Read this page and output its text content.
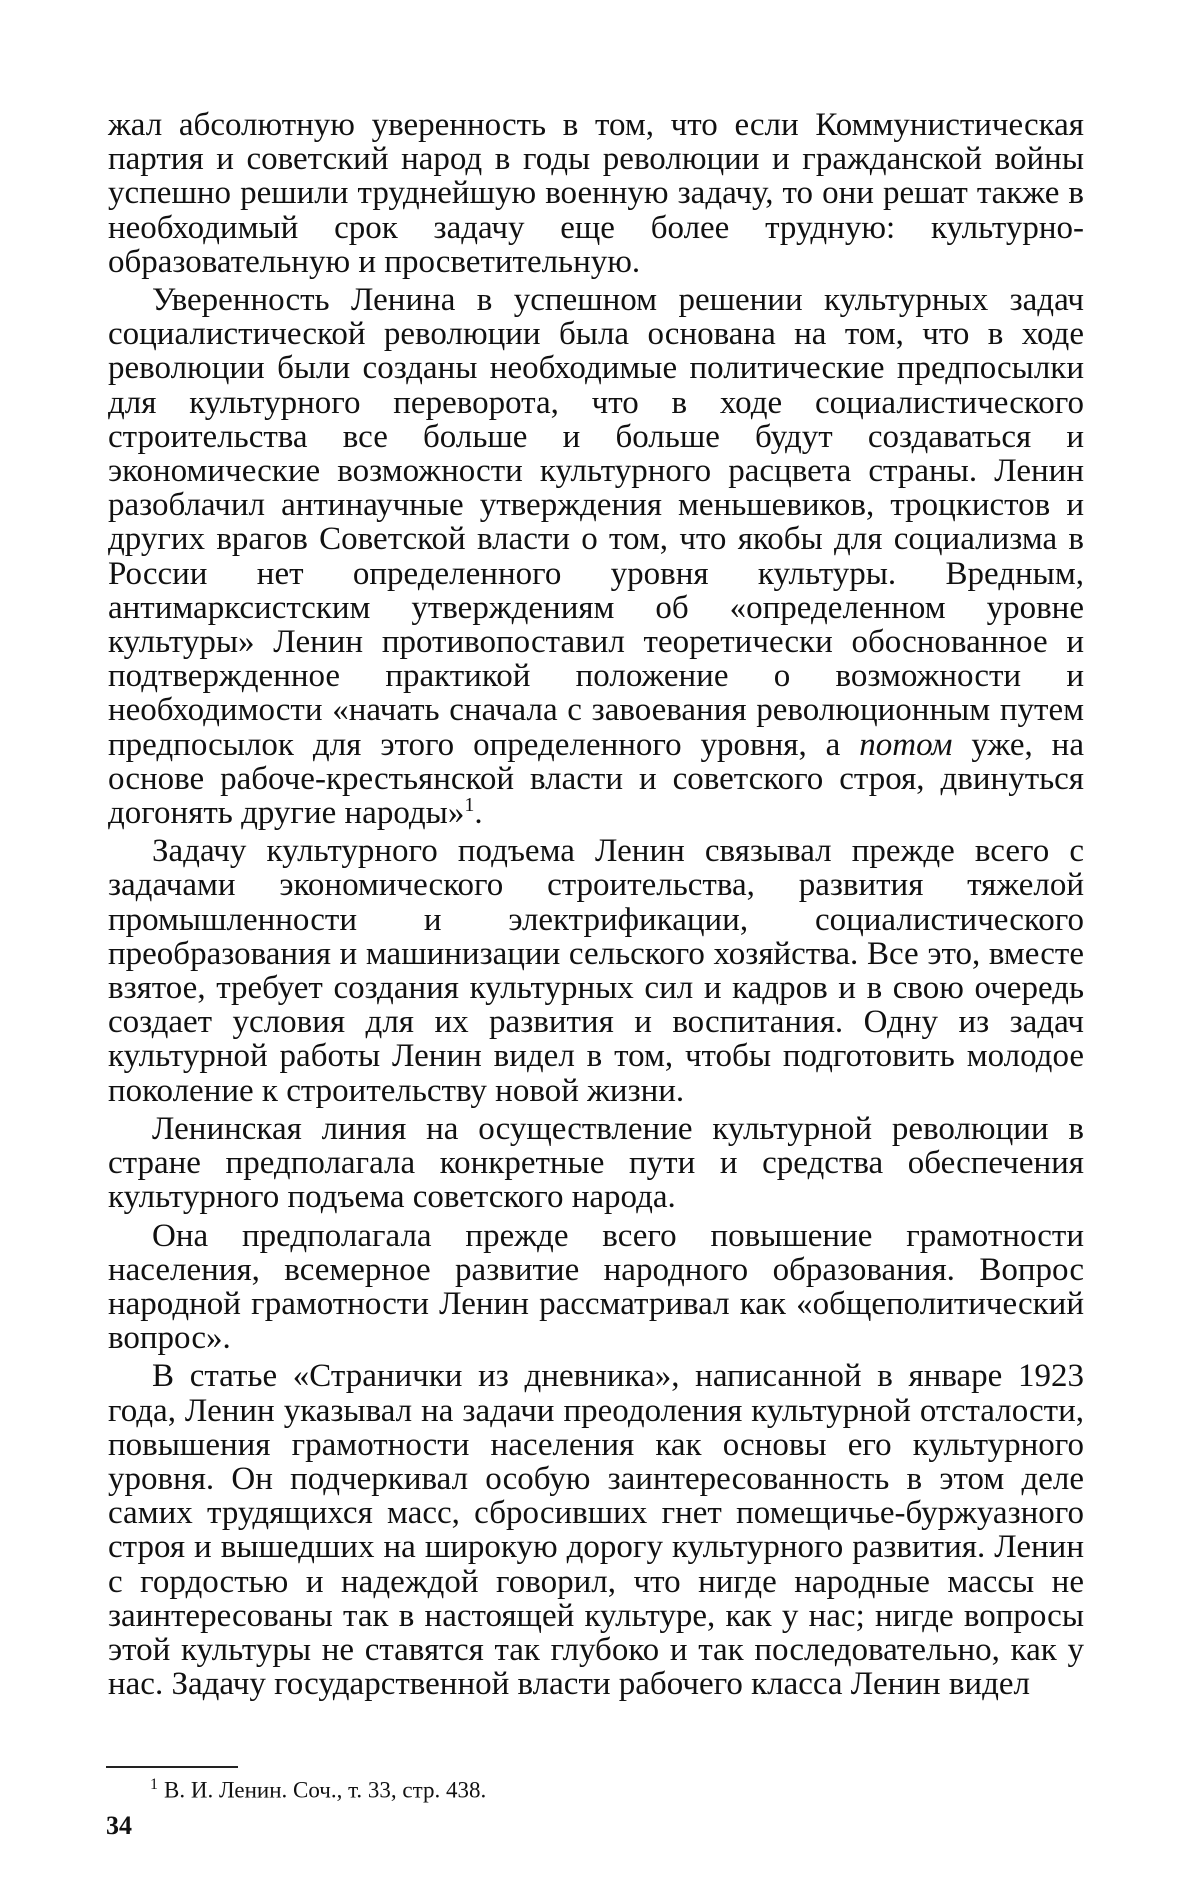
жал абсолютную уверенность в том, что если Коммунистическая партия и советский народ в годы революции и гражданской войны успешно решили труднейшую военную задачу, то они решат также в необходимый срок задачу еще более трудную: культурно-образовательную и просветительную.

Уверенность Ленина в успешном решении культурных задач социалистической революции была основана на том, что в ходе революции были созданы необходимые политические предпосылки для культурного переворота, что в ходе социалистического строительства все больше и больше будут создаваться и экономические возможности культурного расцвета страны. Ленин разоблачил антинаучные утверждения меньшевиков, троцкистов и других врагов Советской власти о том, что якобы для социализма в России нет определенного уровня культуры. Вредным, антимарксистским утверждениям об «определенном уровне культуры» Ленин противопоставил теоретически обоснованное и подтвержденное практикой положение о возможности и необходимости «начать сначала с завоевания революционным путем предпосылок для этого определенного уровня, а потом уже, на основе рабоче-крестьянской власти и советского строя, двинуться догонять другие народы»$^1$.

Задачу культурного подъема Ленин связывал прежде всего с задачами экономического строительства, развития тяжелой промышленности и электрификации, социалистического преобразования и машинизации сельского хозяйства. Все это, вместе взятое, требует создания культурных сил и кадров и в свою очередь создает условия для их развития и воспитания. Одну из задач культурной работы Ленин видел в том, чтобы подготовить молодое поколение к строительству новой жизни.

Ленинская линия на осуществление культурной революции в стране предполагала конкретные пути и средства обеспечения культурного подъема советского народа.

Она предполагала прежде всего повышение грамотности населения, всемерное развитие народного образования. Вопрос народной грамотности Ленин рассматривал как «общеполитический вопрос».

В статье «Странички из дневника», написанной в январе 1923 года, Ленин указывал на задачи преодоления культурной отсталости, повышения грамотности населения как основы его культурного уровня. Он подчеркивал особую заинтересованность в этом деле самих трудящихся масс, сбросивших гнет помещичье-буржуазного строя и вышедших на широкую дорогу культурного развития. Ленин с гордостью и надеждой говорил, что нигде народные массы не заинтересованы так в настоящей культуре, как у нас; нигде вопросы этой культуры не ставятся так глубоко и так последовательно, как у нас. Задачу государственной власти рабочего класса Ленин видел

$^1$ В. И. Ленин. Соч., т. 33, стр. 438.
34
